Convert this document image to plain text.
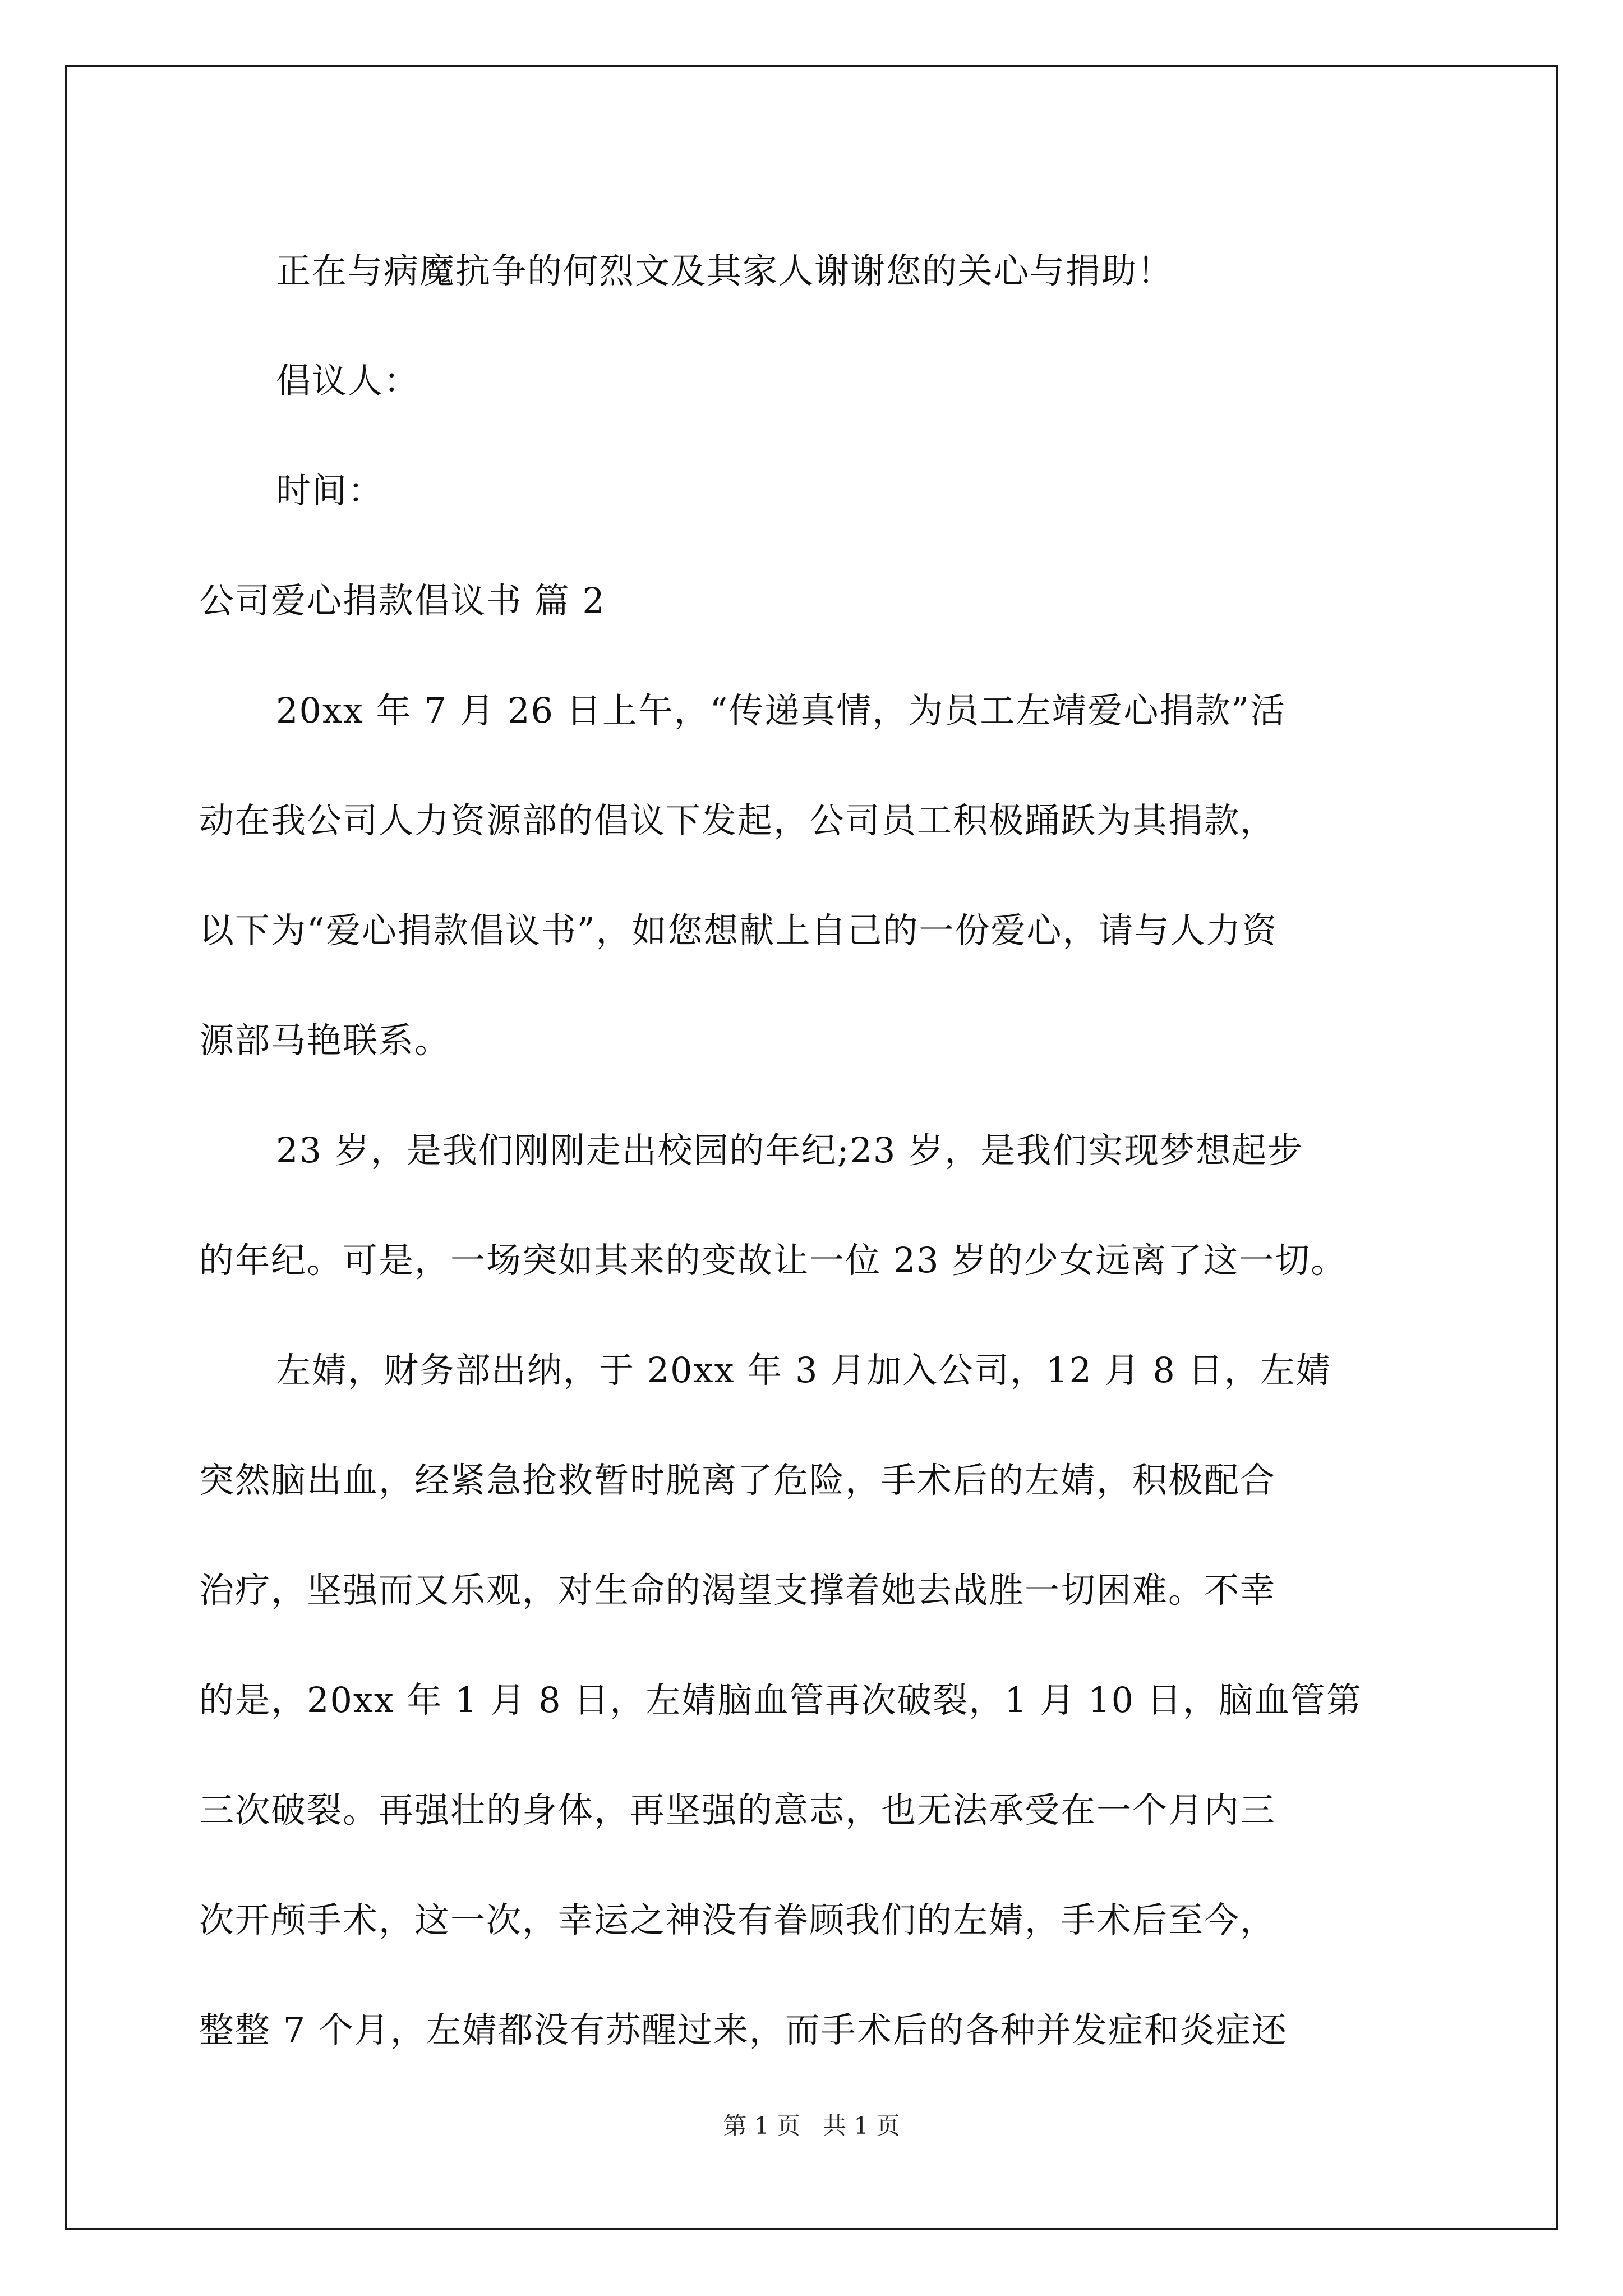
正在与病魔抗争的何烈文及其家人谢谢您的关心与捐助！

倡议人：

时间：

公司爱心捐款倡议书 篇 2

20xx 年 7 月 26 日上午，“传递真情，为员工左靖爱心捐款”活

动在我公司人力资源部的倡议下发起，公司员工积极踊跃为其捐款，

以下为“爱心捐款倡议书”，如您想献上自己的一份爱心，请与人力资

源部马艳联系。

23 岁，是我们刚刚走出校园的年纪;23 岁，是我们实现梦想起步

的年纪。可是，一场突如其来的变故让一位 23 岁的少女远离了这一切。

左婧，财务部出纳，于 20xx 年 3 月加入公司，12 月 8 日，左婧

突然脑出血，经紧急抢救暂时脱离了危险，手术后的左婧，积极配合

治疗，坚强而又乐观，对生命的渴望支撑着她去战胜一切困难。不幸

的是，20xx 年 1 月 8 日，左婧脑血管再次破裂，1 月 10 日，脑血管第

三次破裂。再强壮的身体，再坚强的意志，也无法承受在一个月内三

次开颅手术，这一次，幸运之神没有眷顾我们的左婧，手术后至今，

整整 7 个月，左婧都没有苏醒过来，而手术后的各种并发症和炎症还

第 1 页   共 1 页
